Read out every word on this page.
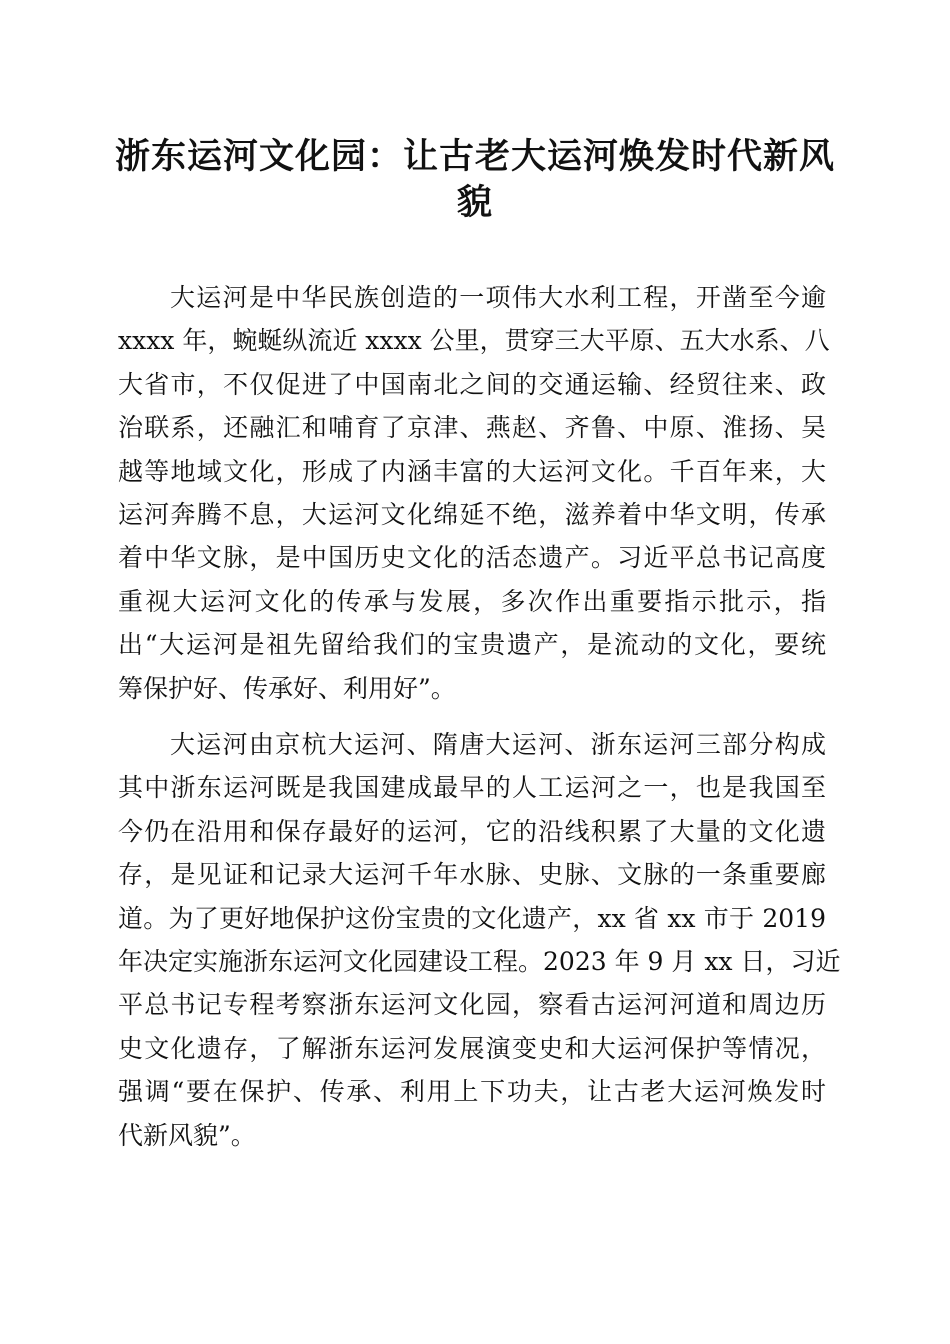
浙东运河文化园：让古老大运河焕发时代新风
貌
大运河是中华民族创造的一项伟大水利工程，开凿至今逾
xxxx 年，蜿蜒纵流近 xxxx 公里，贯穿三大平原、五大水系、八
大省市，不仅促进了中国南北之间的交通运输、经贸往来、政
治联系，还融汇和哺育了京津、燕赵、齐鲁、中原、淮扬、吴
越等地域文化，形成了内涵丰富的大运河文化。千百年来，大
运河奔腾不息，大运河文化绵延不绝，滋养着中华文明，传承
着中华文脉，是中国历史文化的活态遗产。习近平总书记高度
重视大运河文化的传承与发展，多次作出重要指示批示，指
出“大运河是祖先留给我们的宝贵遗产，是流动的文化，要统
筹保护好、传承好、利用好”。
大运河由京杭大运河、隋唐大运河、浙东运河三部分构成
其中浙东运河既是我国建成最早的人工运河之一，也是我国至
今仍在沿用和保存最好的运河，它的沿线积累了大量的文化遗
存，是见证和记录大运河千年水脉、史脉、文脉的一条重要廊
道。为了更好地保护这份宝贵的文化遗产，xx 省 xx 市于 2019
年决定实施浙东运河文化园建设工程。2023 年 9 月 xx 日，习近
平总书记专程考察浙东运河文化园，察看古运河河道和周边历
史文化遗存，了解浙东运河发展演变史和大运河保护等情况，
强调“要在保护、传承、利用上下功夫，让古老大运河焕发时
代新风貌”。
